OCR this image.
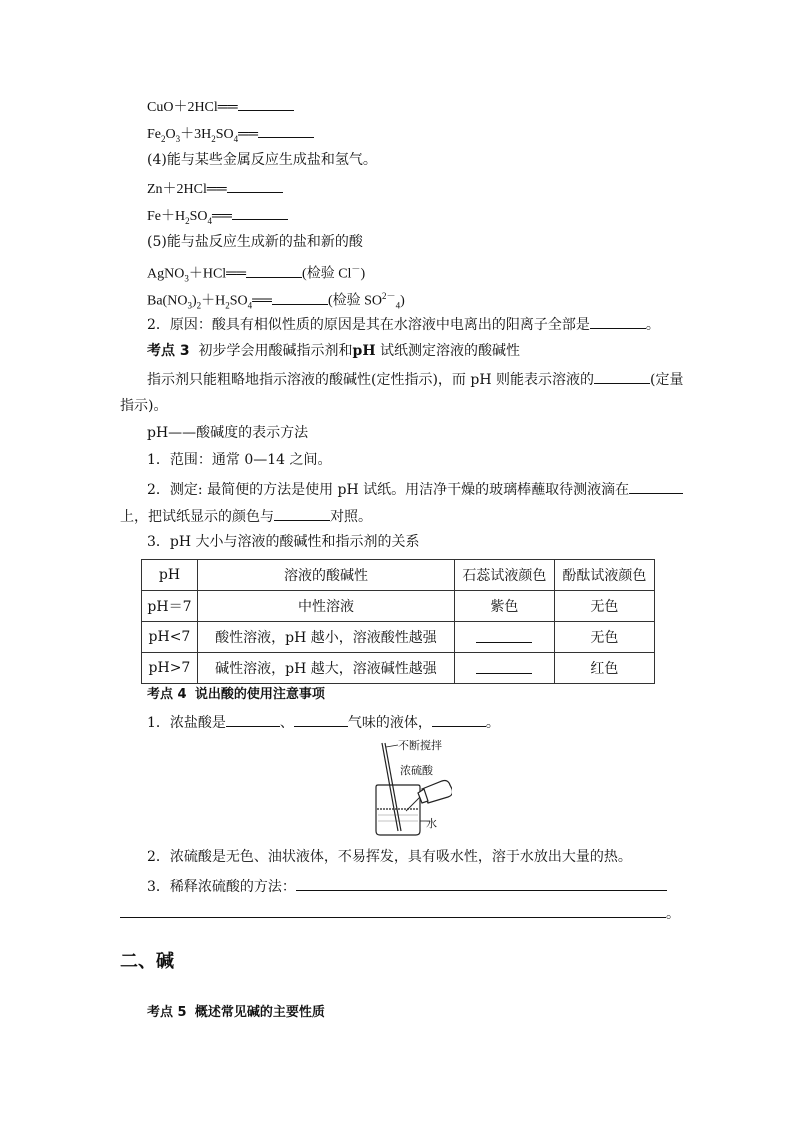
CuO＋2HCl══
$Fe_2O_3+3H_2SO_4══$
(4)能与某些金属反应生成盐和氢气。
Zn＋2HCl══
$Fe+H_2SO_4══$
(5)能与盐反应生成新的盐和新的酸
AgNO$_3$＋HCl══	(检验 Cl－)
$Ba(NO_3)_2+H_2SO_4══$	(检验 $SO^{2-}_4$)
2．原因：酸具有相似性质的原因是其在水溶液中电离出的阳离子全部是	。
考点 3 初步学会用酸碱指示剂和pH 试纸测定溶液的酸碱性
指示剂只能粗略地指示溶液的酸碱性(定性指示)，而 pH 则能表示溶液的	(定量
指示)。
pH——酸碱度的表示方法
1．范围：通常 0—14 之间。
2．测定: 最简便的方法是使用 pH 试纸。用洁净干燥的玻璃棒蘸取待测液滴在
上，把试纸显示的颜色与	对照。
3．pH 大小与溶液的酸碱性和指示剂的关系
pH	溶液的酸碱性	石蕊试液颜色	酚酞试液颜色
pH＝7	中性溶液	紫色	无色
pH<7	酸性溶液，pH 越小，溶液酸性越强		无色
pH>7	碱性溶液，pH 越大，溶液碱性越强		红色
考点 4 说出酸的使用注意事项
1．浓盐酸是	、	气味的液体，	。
不断搅拌
浓硫酸
水
2．浓硫酸是无色、油状液体，不易挥发，具有吸水性，溶于水放出大量的热。
3．稀释浓硫酸的方法：
。
二、碱
考点 5 概述常见碱的主要性质
